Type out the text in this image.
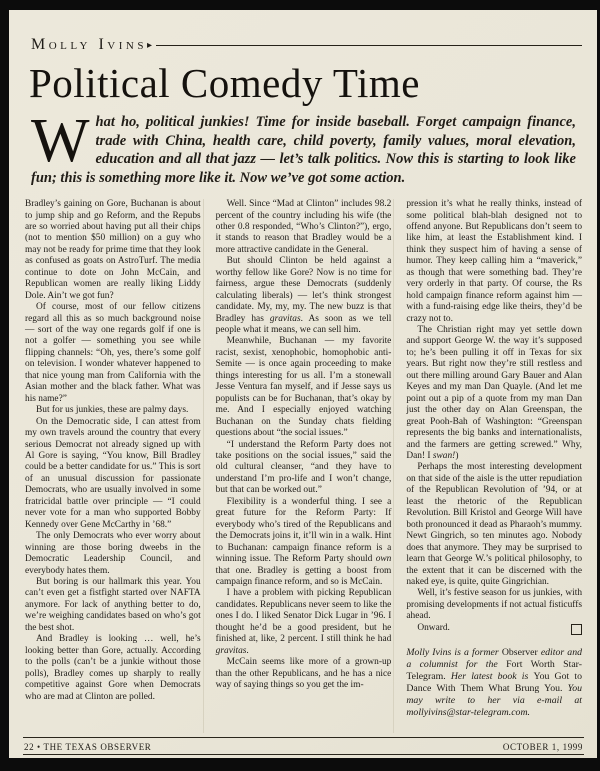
Molly Ivins ▸
Political Comedy Time
What ho, political junkies! Time for inside baseball. Forget campaign finance, trade with China, health care, child poverty, family values, moral elevation, education and all that jazz — let’s talk politics. Now this is starting to look like fun; this is something more like it. Now we’ve got some action.

Bradley’s gaining on Gore, Buchanan is about to jump ship and go Reform, and the Repubs are so worried about having put all their chips (not to mention $50 million) on a guy who may not be ready for prime time that they look as confused as goats on AstroTurf. The media continue to dote on John McCain, and Republican women are really liking Liddy Dole. Ain’t we got fun?

Of course, most of our fellow citizens regard all this as so much background noise — sort of the way one regards golf if one is not a golfer — something you see while flipping channels: “Oh, yes, there’s some golf on television. I wonder whatever happened to that nice young man from California with the Asian mother and the black father. What was his name?”

But for us junkies, these are palmy days.

On the Democratic side, I can attest from my own travels around the country that every serious Democrat not already signed up with Al Gore is saying, “You know, Bill Bradley could be a better candidate for us.” This is sort of an unusual discussion for passionate Democrats, who are usually involved in some fratricidal battle over principle — “I could never vote for a man who supported Bobby Kennedy over Gene McCarthy in ’68.”

The only Democrats who ever worry about winning are those boring dweebs in the Democratic Leadership Council, and everybody hates them.

But boring is our hallmark this year. You can’t even get a fistfight started over NAFTA anymore. For lack of anything better to do, we’re weighing candidates based on who’s got the best shot.

And Bradley is looking … well, he’s looking better than Gore, actually. According to the polls (can’t be a junkie without those polls), Bradley comes up sharply to really competitive against Gore when Democrats who are mad at Clinton are polled.

Well. Since “Mad at Clinton” includes 98.2 percent of the country including his wife (the other 0.8 responded, “Who’s Clinton?”), ergo, it stands to reason that Bradley would be a more attractive candidate in the General.

But should Clinton be held against a worthy fellow like Gore? Now is no time for fairness, argue these Democrats (suddenly calculating liberals) — let’s think strongest candidate. My, my, my. The new buzz is that Bradley has gravitas. As soon as we tell people what it means, we can sell him.

Meanwhile, Buchanan — my favorite racist, sexist, xenophobic, homophobic anti-Semite — is once again proceeding to make things interesting for us all. I’m a stonewall Jesse Ventura fan myself, and if Jesse says us populists can be for Buchanan, that’s okay by me. And I especially enjoyed watching Buchanan on the Sunday chats fielding questions about “the social issues.”

“I understand the Reform Party does not take positions on the social issues,” said the old cultural cleanser, “and they have to understand I’m pro-life and I won’t change, but that can be worked out.”

Flexibility is a wonderful thing. I see a great future for the Reform Party: If everybody who’s tired of the Republicans and the Democrats joins it, it’ll win in a walk. Hint to Buchanan: campaign finance reform is a winning issue. The Reform Party should own that one. Bradley is getting a boost from campaign finance reform, and so is McCain.

I have a problem with picking Republican candidates. Republicans never seem to like the ones I do. I liked Senator Dick Lugar in ’96. I thought he’d be a good president, but he finished at, like, 2 percent. I still think he had gravitas.

McCain seems like more of a grown-up than the other Republicans, and he has a nice way of saying things so you get the im-

pression it’s what he really thinks, instead of some political blah-blah designed not to offend anyone. But Republicans don’t seem to like him, at least the Establishment kind. I think they suspect him of having a sense of humor. They keep calling him a “maverick,” as though that were something bad. They’re very orderly in that party. Of course, the Rs hold campaign finance reform against him — with a fund-raising edge like theirs, they’d be crazy not to.

The Christian right may yet settle down and support George W. the way it’s supposed to; he’s been pulling it off in Texas for six years. But right now they’re still restless and out there milling around Gary Bauer and Alan Keyes and my man Dan Quayle. (And let me point out a pip of a quote from my man Dan just the other day on Alan Greenspan, the great Pooh-Bah of Washington: “Greenspan represents the big banks and internationalists, and the farmers are getting screwed.” Why, Dan! I swan!)

Perhaps the most interesting development on that side of the aisle is the utter repudiation of the Republican Revolution of ’94, or at least the rhetoric of the Republican Revolution. Bill Kristol and George Will have both pronounced it dead as Pharaoh’s mummy. Newt Gingrich, so ten minutes ago. Nobody does that anymore. They may be surprised to learn that George W.’s political philosophy, to the extent that it can be discerned with the naked eye, is quite, quite Gingrichian.

Well, it’s festive season for us junkies, with promising developments if not actual fisticuffs ahead.

Onward.

Molly Ivins is a former Observer editor and a columnist for the Fort Worth Star-Telegram. Her latest book is You Got to Dance With Them What Brung You. You may write to her via e-mail at mollyivins@star-telegram.com.

22 • THE TEXAS OBSERVER	OCTOBER 1, 1999
